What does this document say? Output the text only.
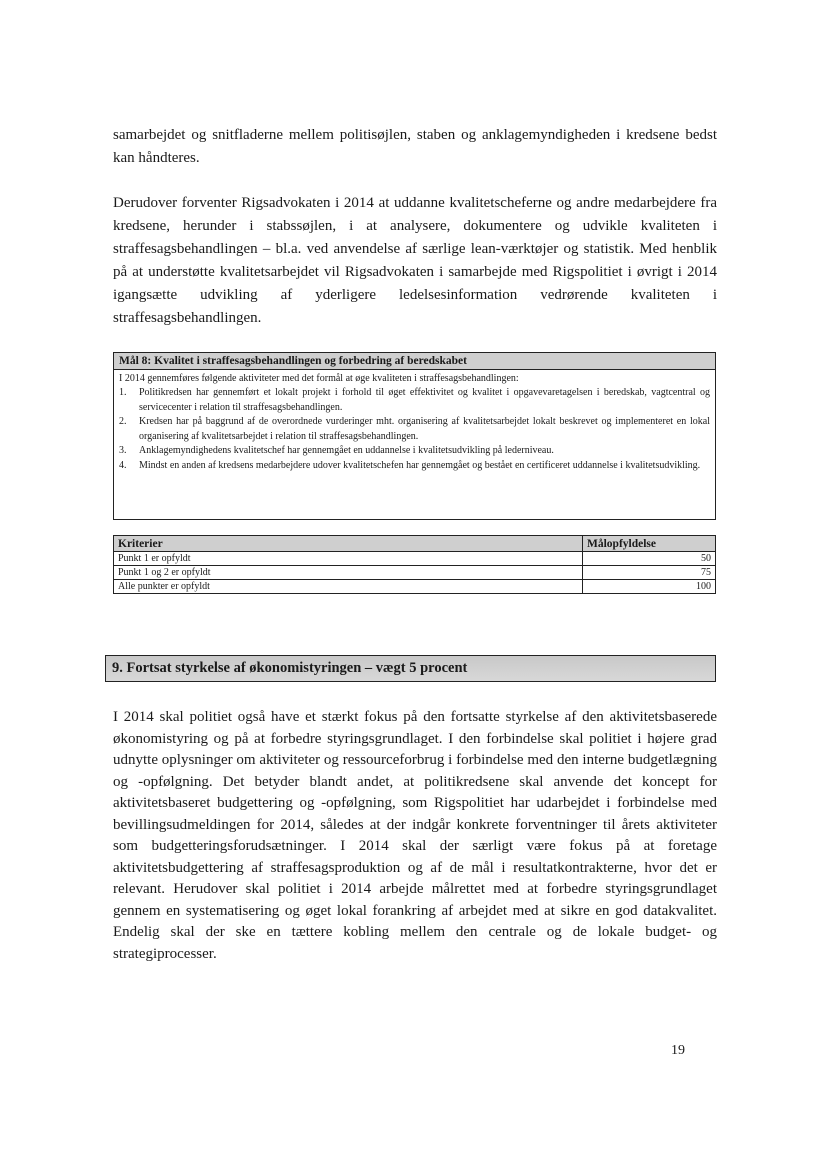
samarbejdet og snitfladerne mellem politisøjlen, staben og anklagemyndigheden i kredsene bedst kan håndteres.

Derudover forventer Rigsadvokaten i 2014 at uddanne kvalitetscheferne og andre medarbejdere fra kredsene, herunder i stabssøjlen, i at analysere, dokumentere og udvikle kvaliteten i straffesagsbehandlingen – bl.a. ved anvendelse af særlige lean-værktøjer og statistik. Med henblik på at understøtte kvalitetsarbejdet vil Rigsadvokaten i samarbejde med Rigspolitiet i øvrigt i 2014 igangsætte udvikling af yderligere ledelsesinformation vedrørende kvaliteten i straffesagsbehandlingen.

Mål 8: Kvalitet i straffesagsbehandlingen og forbedring af beredskabet
I 2014 gennemføres følgende aktiviteter med det formål at øge kvaliteten i straffesagsbehandlingen:
1.	Politikredsen har gennemført et lokalt projekt i forhold til øget effektivitet og kvalitet i opgavevaretagelsen i beredskab, vagtcentral og servicecenter i relation til straffesagsbehandlingen.
2.	Kredsen har på baggrund af de overordnede vurderinger mht. organisering af kvalitetsarbejdet lokalt beskrevet og implementeret en lokal organisering af kvalitetsarbejdet i relation til straffesagsbehandlingen.
3.	Anklagemyndighedens kvalitetschef har gennemgået en uddannelse i kvalitetsudvikling på lederniveau.
4.	Mindst en anden af kredsens medarbejdere udover kvalitetschefen har gennemgået og bestået en certificeret uddannelse i kvalitetsudvikling.
Kriterier	Målopfyldelse
Punkt 1 er opfyldt	50
Punkt 1 og 2 er opfyldt	75
Alle punkter er opfyldt	100
9. Fortsat styrkelse af økonomistyringen – vægt 5 procent

I 2014 skal politiet også have et stærkt fokus på den fortsatte styrkelse af den aktivitetsbaserede økonomistyring og på at forbedre styringsgrundlaget. I den forbindelse skal politiet i højere grad udnytte oplysninger om aktiviteter og ressourceforbrug i forbindelse med den interne budgetlægning og -opfølgning. Det betyder blandt andet, at politikredsene skal anvende det koncept for aktivitetsbaseret budgettering og -opfølgning, som Rigspolitiet har udarbejdet i forbindelse med bevillingsudmeldingen for 2014, således at der indgår konkrete forventninger til årets aktiviteter som budgetteringsforudsætninger. I 2014 skal der særligt være fokus på at foretage aktivitetsbudgettering af straffesagsproduktion og af de mål i resultatkontrakterne, hvor det er relevant. Herudover skal politiet i 2014 arbejde målrettet med at forbedre styringsgrundlaget gennem en systematisering og øget lokal forankring af arbejdet med at sikre en god datakvalitet. Endelig skal der ske en tættere kobling mellem den centrale og de lokale budget- og strategiprocesser.

19
